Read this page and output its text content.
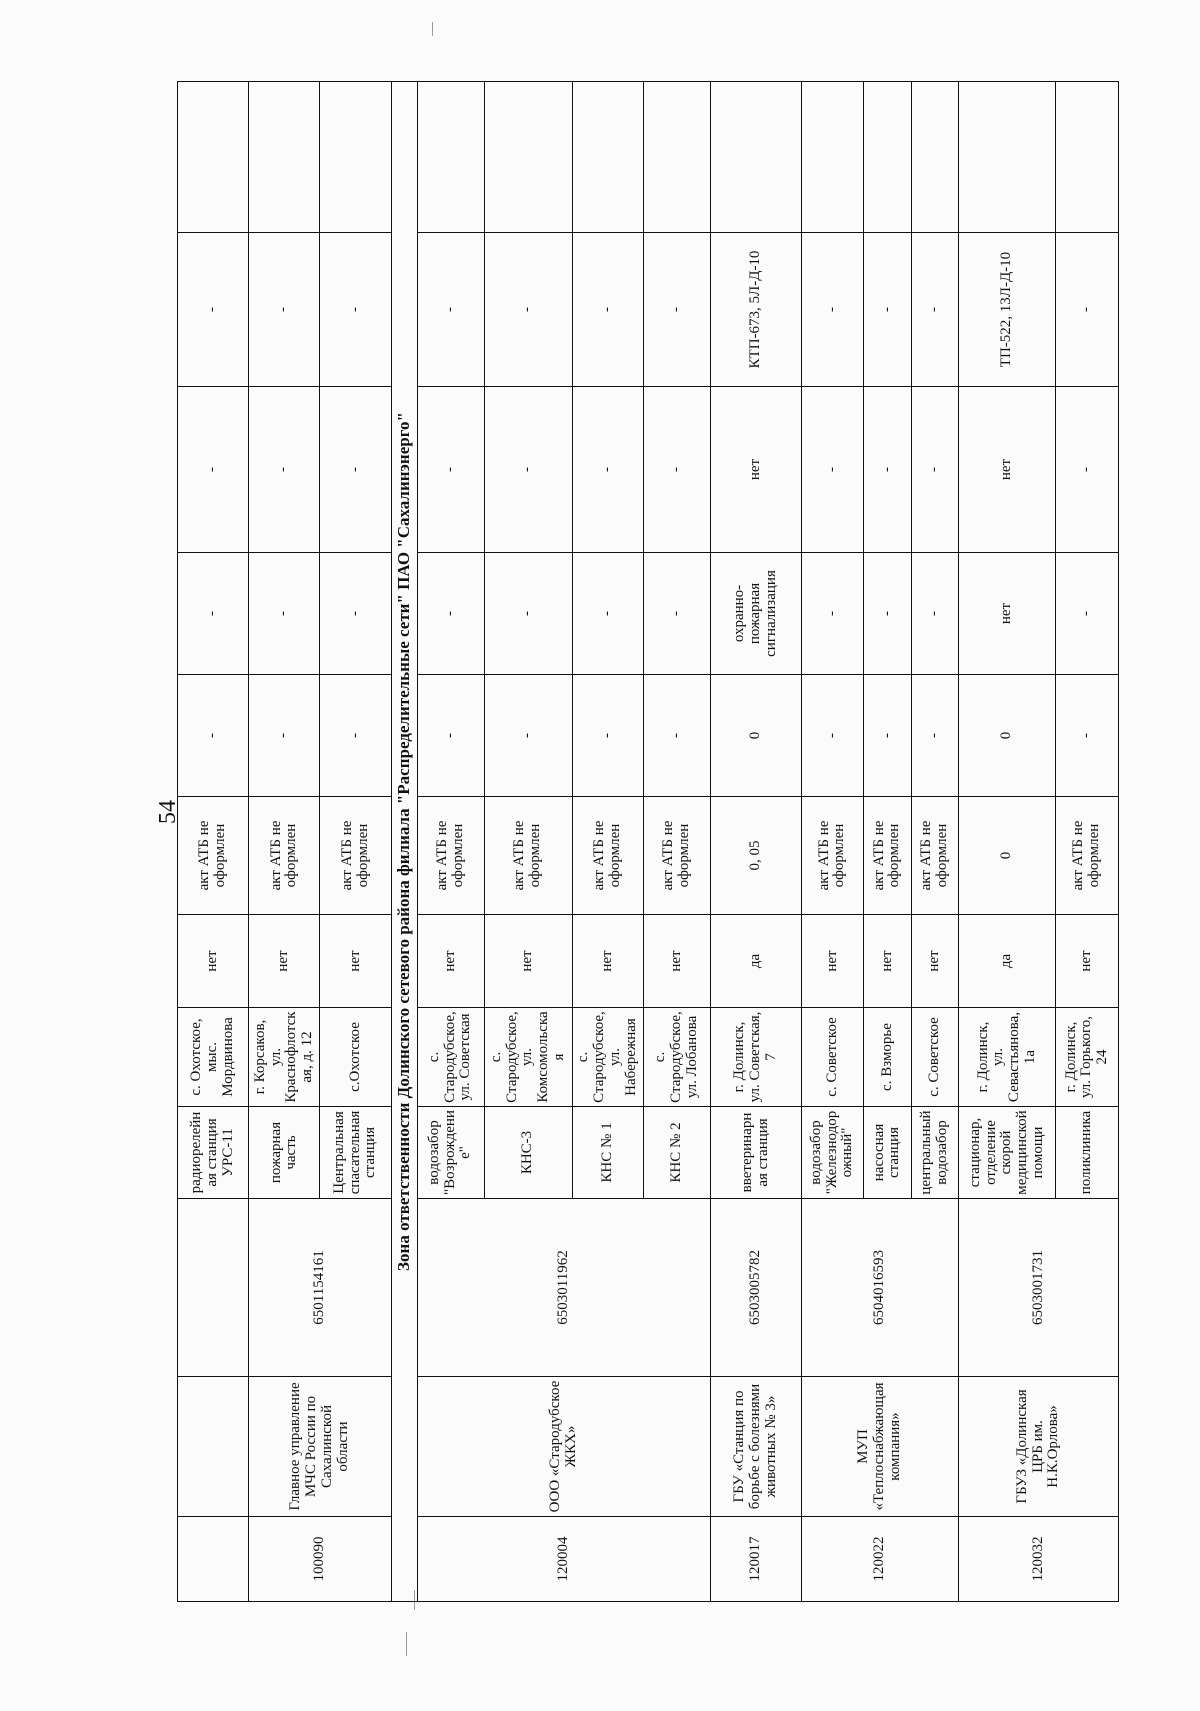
54
			радиорелейная станция УРС-11	с. Охотское, мыс. Мордвинова	нет	акт АТБ не оформлен	-	-	-	-	
100090	Главное управление МЧС России по Сахалинской области	6501154161	пожарная часть	г. Корсаков, ул. Краснофлотская, д. 12	нет	акт АТБ не оформлен	-	-	-	-	
			Центральная спасательная станция	с.Охотское	нет	акт АТБ не оформлен	-	-	-	-	
Зона ответственности Долинского сетевого района филиала "Распределительные сети" ПАО "Сахалинэнерго"											
120004	ООО «Стародубское ЖКХ»	6503011962	водозабор "Возрождение"	с. Стародубское, ул. Советская	нет	акт АТБ не оформлен	-	-	-	-	
			КНС-3	с. Стародубское, ул. Комсомольская	нет	акт АТБ не оформлен	-	-	-	-	
			КНС № 1	с. Стародубское, ул. Набережная	нет	акт АТБ не оформлен	-	-	-	-	
			КНС № 2	с. Стародубское, ул. Лобанова	нет	акт АТБ не оформлен	-	-	-	-	
120017	ГБУ «Станция по борьбе с болезнями животных № 3»	6503005782	вветеринарная станция	г. Долинск, ул. Советская, 7	да	0, 05	0	охранно-пожарная сигнализация	нет	КТП-673, 5Л-Д-10	
120022	МУП «Теплоснабжающая компания»	6504016593	водозабор "Железнодорожный"	с. Советское	нет	акт АТБ не оформлен	-	-	-	-	
			насосная станция	с. Взморье	нет	акт АТБ не оформлен	-	-	-	-	
			центральный водозабор	с. Советское	нет	акт АТБ не оформлен	-	-	-	-	
120032	ГБУЗ «Долинская ЦРБ им. Н.К.Орлова»	6503001731	стационар, отделение скорой медицинской помощи	г. Долинск, ул. Севастьянова, 1а	да	0	0	нет	нет	ТП-522, 13Л-Д-10	
			поликлиника	г. Долинск, ул. Горького, 24	нет	акт АТБ не оформлен	-	-	-	-	
